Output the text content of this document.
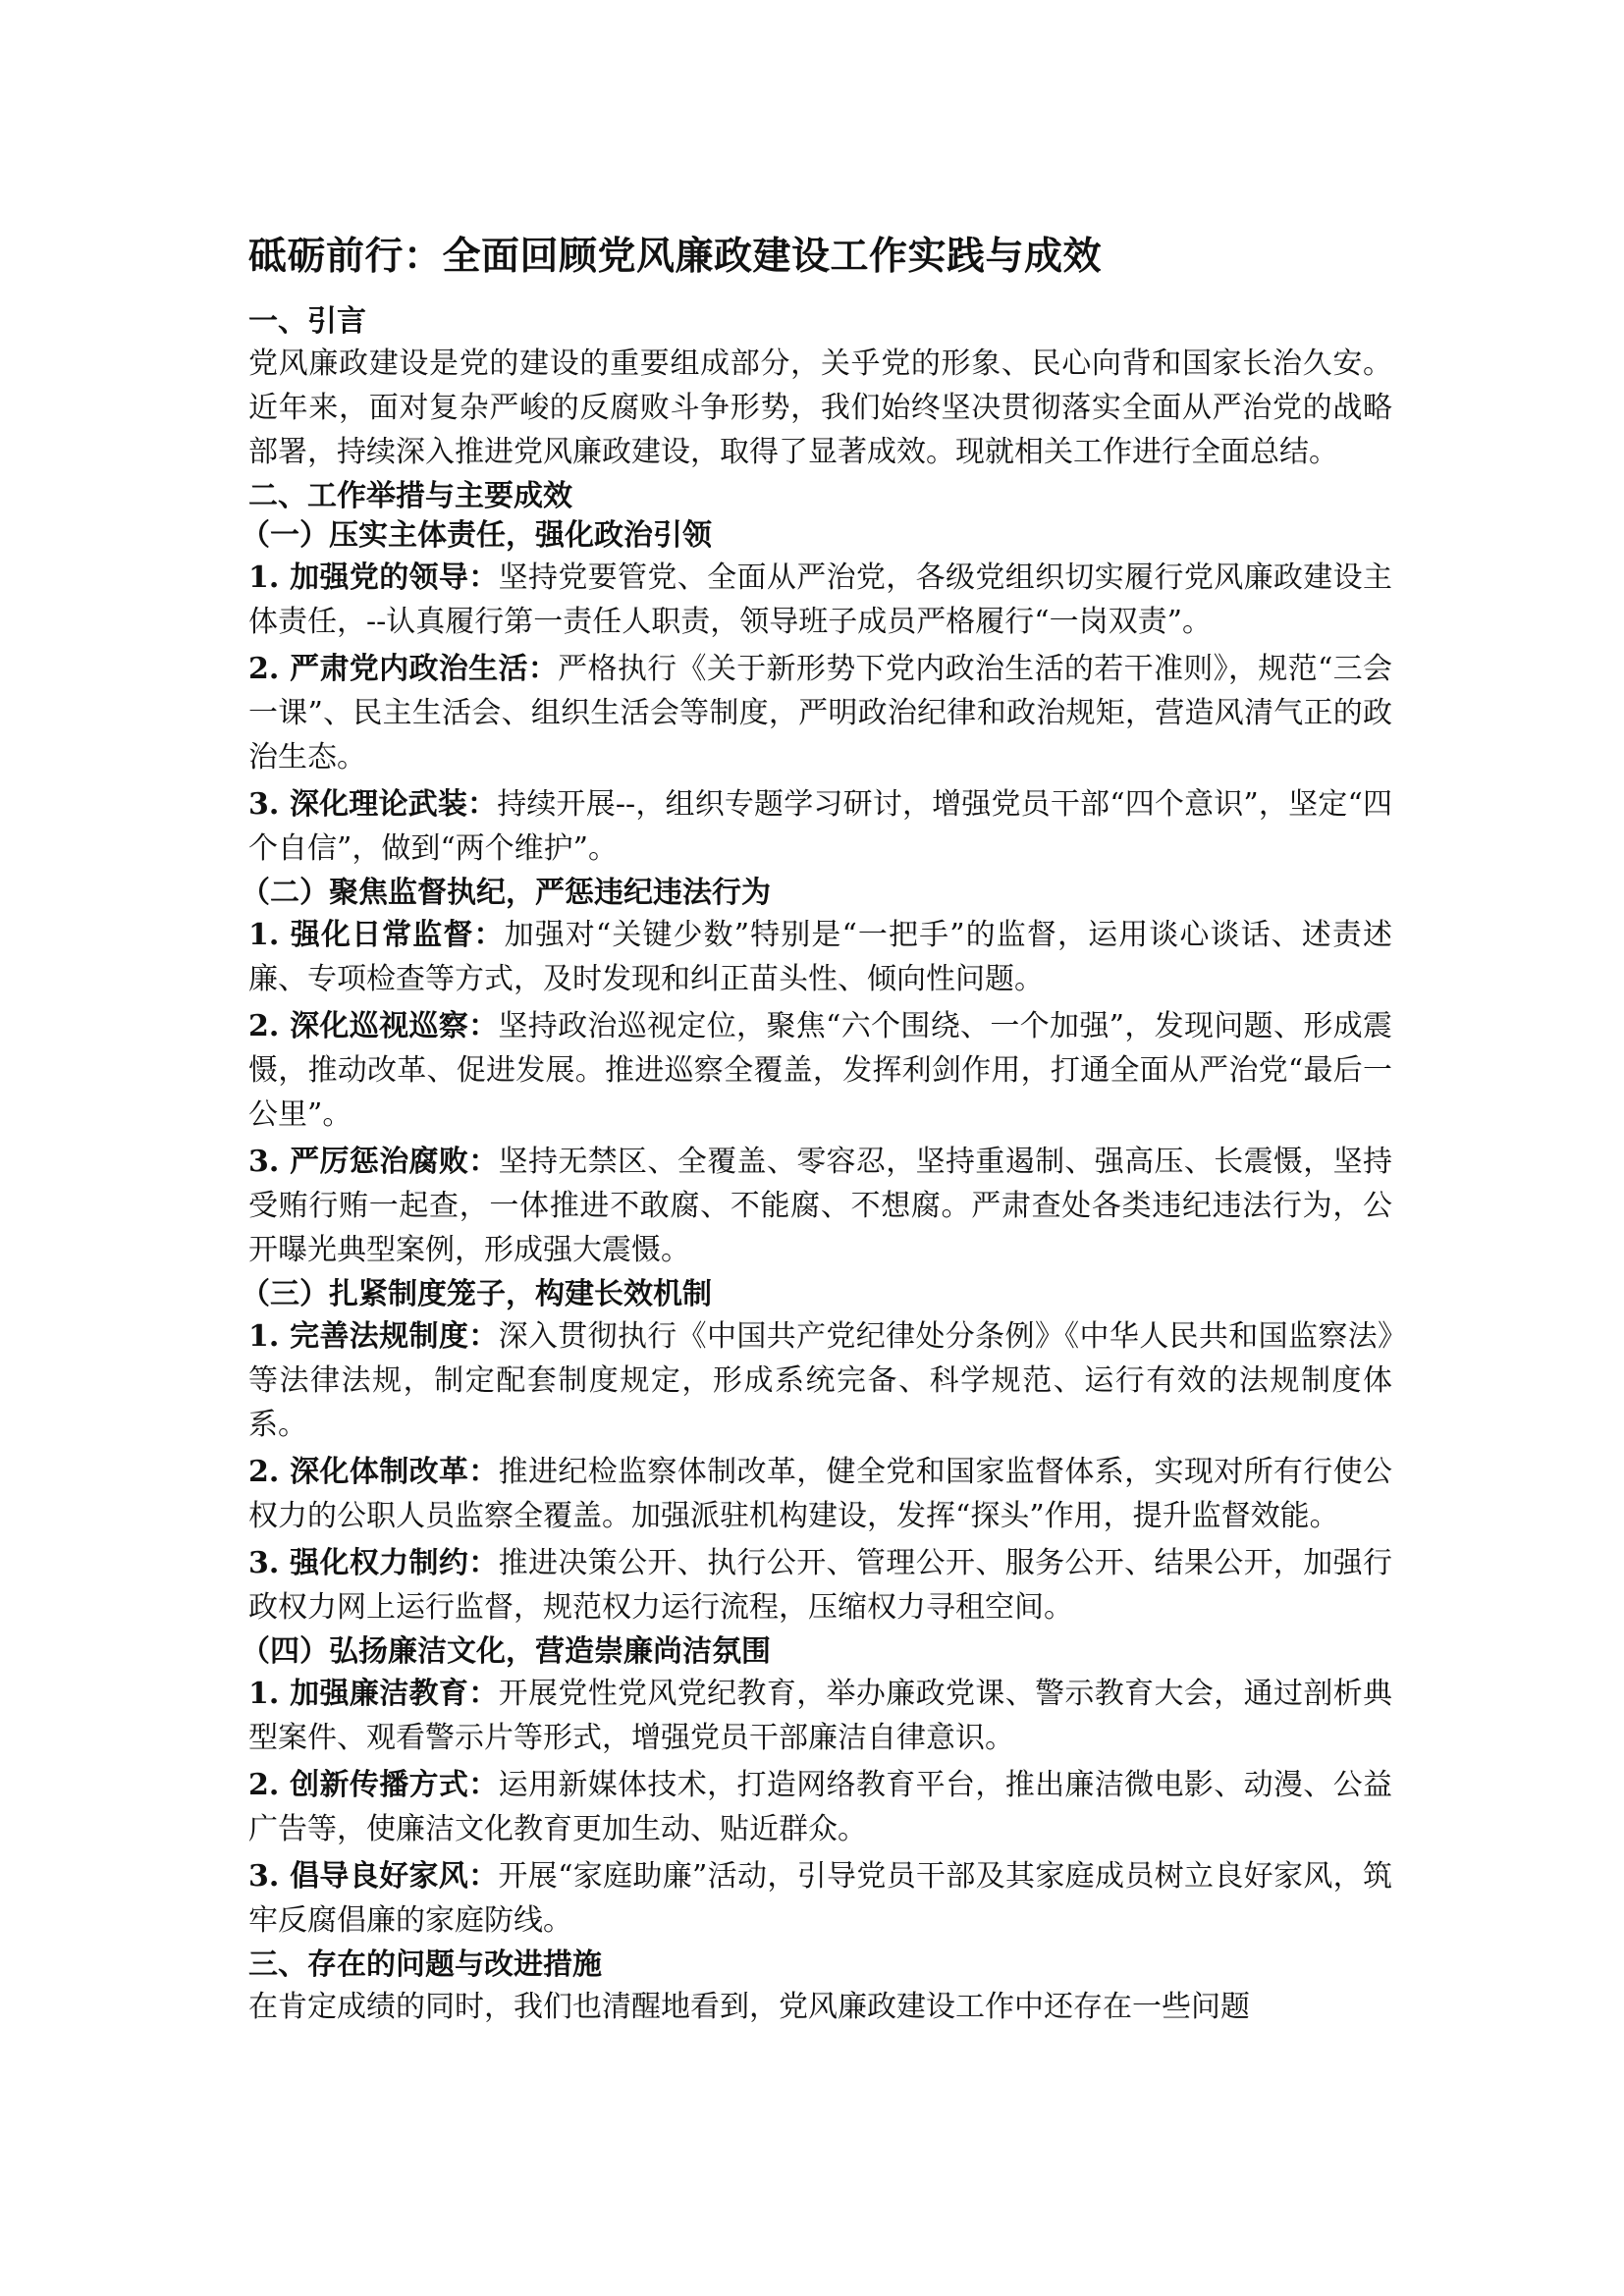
砥砺前行：全面回顾党风廉政建设工作实践与成效
一、引言

党风廉政建设是党的建设的重要组成部分，关乎党的形象、民心向背和国家长治久安。近年来，面对复杂严峻的反腐败斗争形势，我们始终坚决贯彻落实全面从严治党的战略部署，持续深入推进党风廉政建设，取得了显著成效。现就相关工作进行全面总结。

二、工作举措与主要成效
（一）压实主体责任，强化政治引领

1. 加强党的领导：坚持党要管党、全面从严治党，各级党组织切实履行党风廉政建设主体责任，--认真履行第一责任人职责，领导班子成员严格履行“一岗双责”。

2. 严肃党内政治生活：严格执行《关于新形势下党内政治生活的若干准则》，规范“三会一课”、民主生活会、组织生活会等制度，严明政治纪律和政治规矩，营造风清气正的政治生态。

3. 深化理论武装：持续开展--，组织专题学习研讨，增强党员干部“四个意识”，坚定“四个自信”，做到“两个维护”。

（二）聚焦监督执纪，严惩违纪违法行为

1. 强化日常监督：加强对“关键少数”特别是“一把手”的监督，运用谈心谈话、述责述廉、专项检查等方式，及时发现和纠正苗头性、倾向性问题。

2. 深化巡视巡察：坚持政治巡视定位，聚焦“六个围绕、一个加强”，发现问题、形成震慑，推动改革、促进发展。推进巡察全覆盖，发挥利剑作用，打通全面从严治党“最后一公里”。

3. 严厉惩治腐败：坚持无禁区、全覆盖、零容忍，坚持重遏制、强高压、长震慑，坚持受贿行贿一起查，一体推进不敢腐、不能腐、不想腐。严肃查处各类违纪违法行为，公开曝光典型案例，形成强大震慑。

（三）扎紧制度笼子，构建长效机制

1. 完善法规制度：深入贯彻执行《中国共产党纪律处分条例》《中华人民共和国监察法》等法律法规，制定配套制度规定，形成系统完备、科学规范、运行有效的法规制度体系。

2. 深化体制改革：推进纪检监察体制改革，健全党和国家监督体系，实现对所有行使公权力的公职人员监察全覆盖。加强派驻机构建设，发挥“探头”作用，提升监督效能。

3. 强化权力制约：推进决策公开、执行公开、管理公开、服务公开、结果公开，加强行政权力网上运行监督，规范权力运行流程，压缩权力寻租空间。

（四）弘扬廉洁文化，营造崇廉尚洁氛围

1. 加强廉洁教育：开展党性党风党纪教育，举办廉政党课、警示教育大会，通过剖析典型案件、观看警示片等形式，增强党员干部廉洁自律意识。

2. 创新传播方式：运用新媒体技术，打造网络教育平台，推出廉洁微电影、动漫、公益广告等，使廉洁文化教育更加生动、贴近群众。

3. 倡导良好家风：开展“家庭助廉”活动，引导党员干部及其家庭成员树立良好家风，筑牢反腐倡廉的家庭防线。

三、存在的问题与改进措施

在肯定成绩的同时，我们也清醒地看到，党风廉政建设工作中还存在一些问题
